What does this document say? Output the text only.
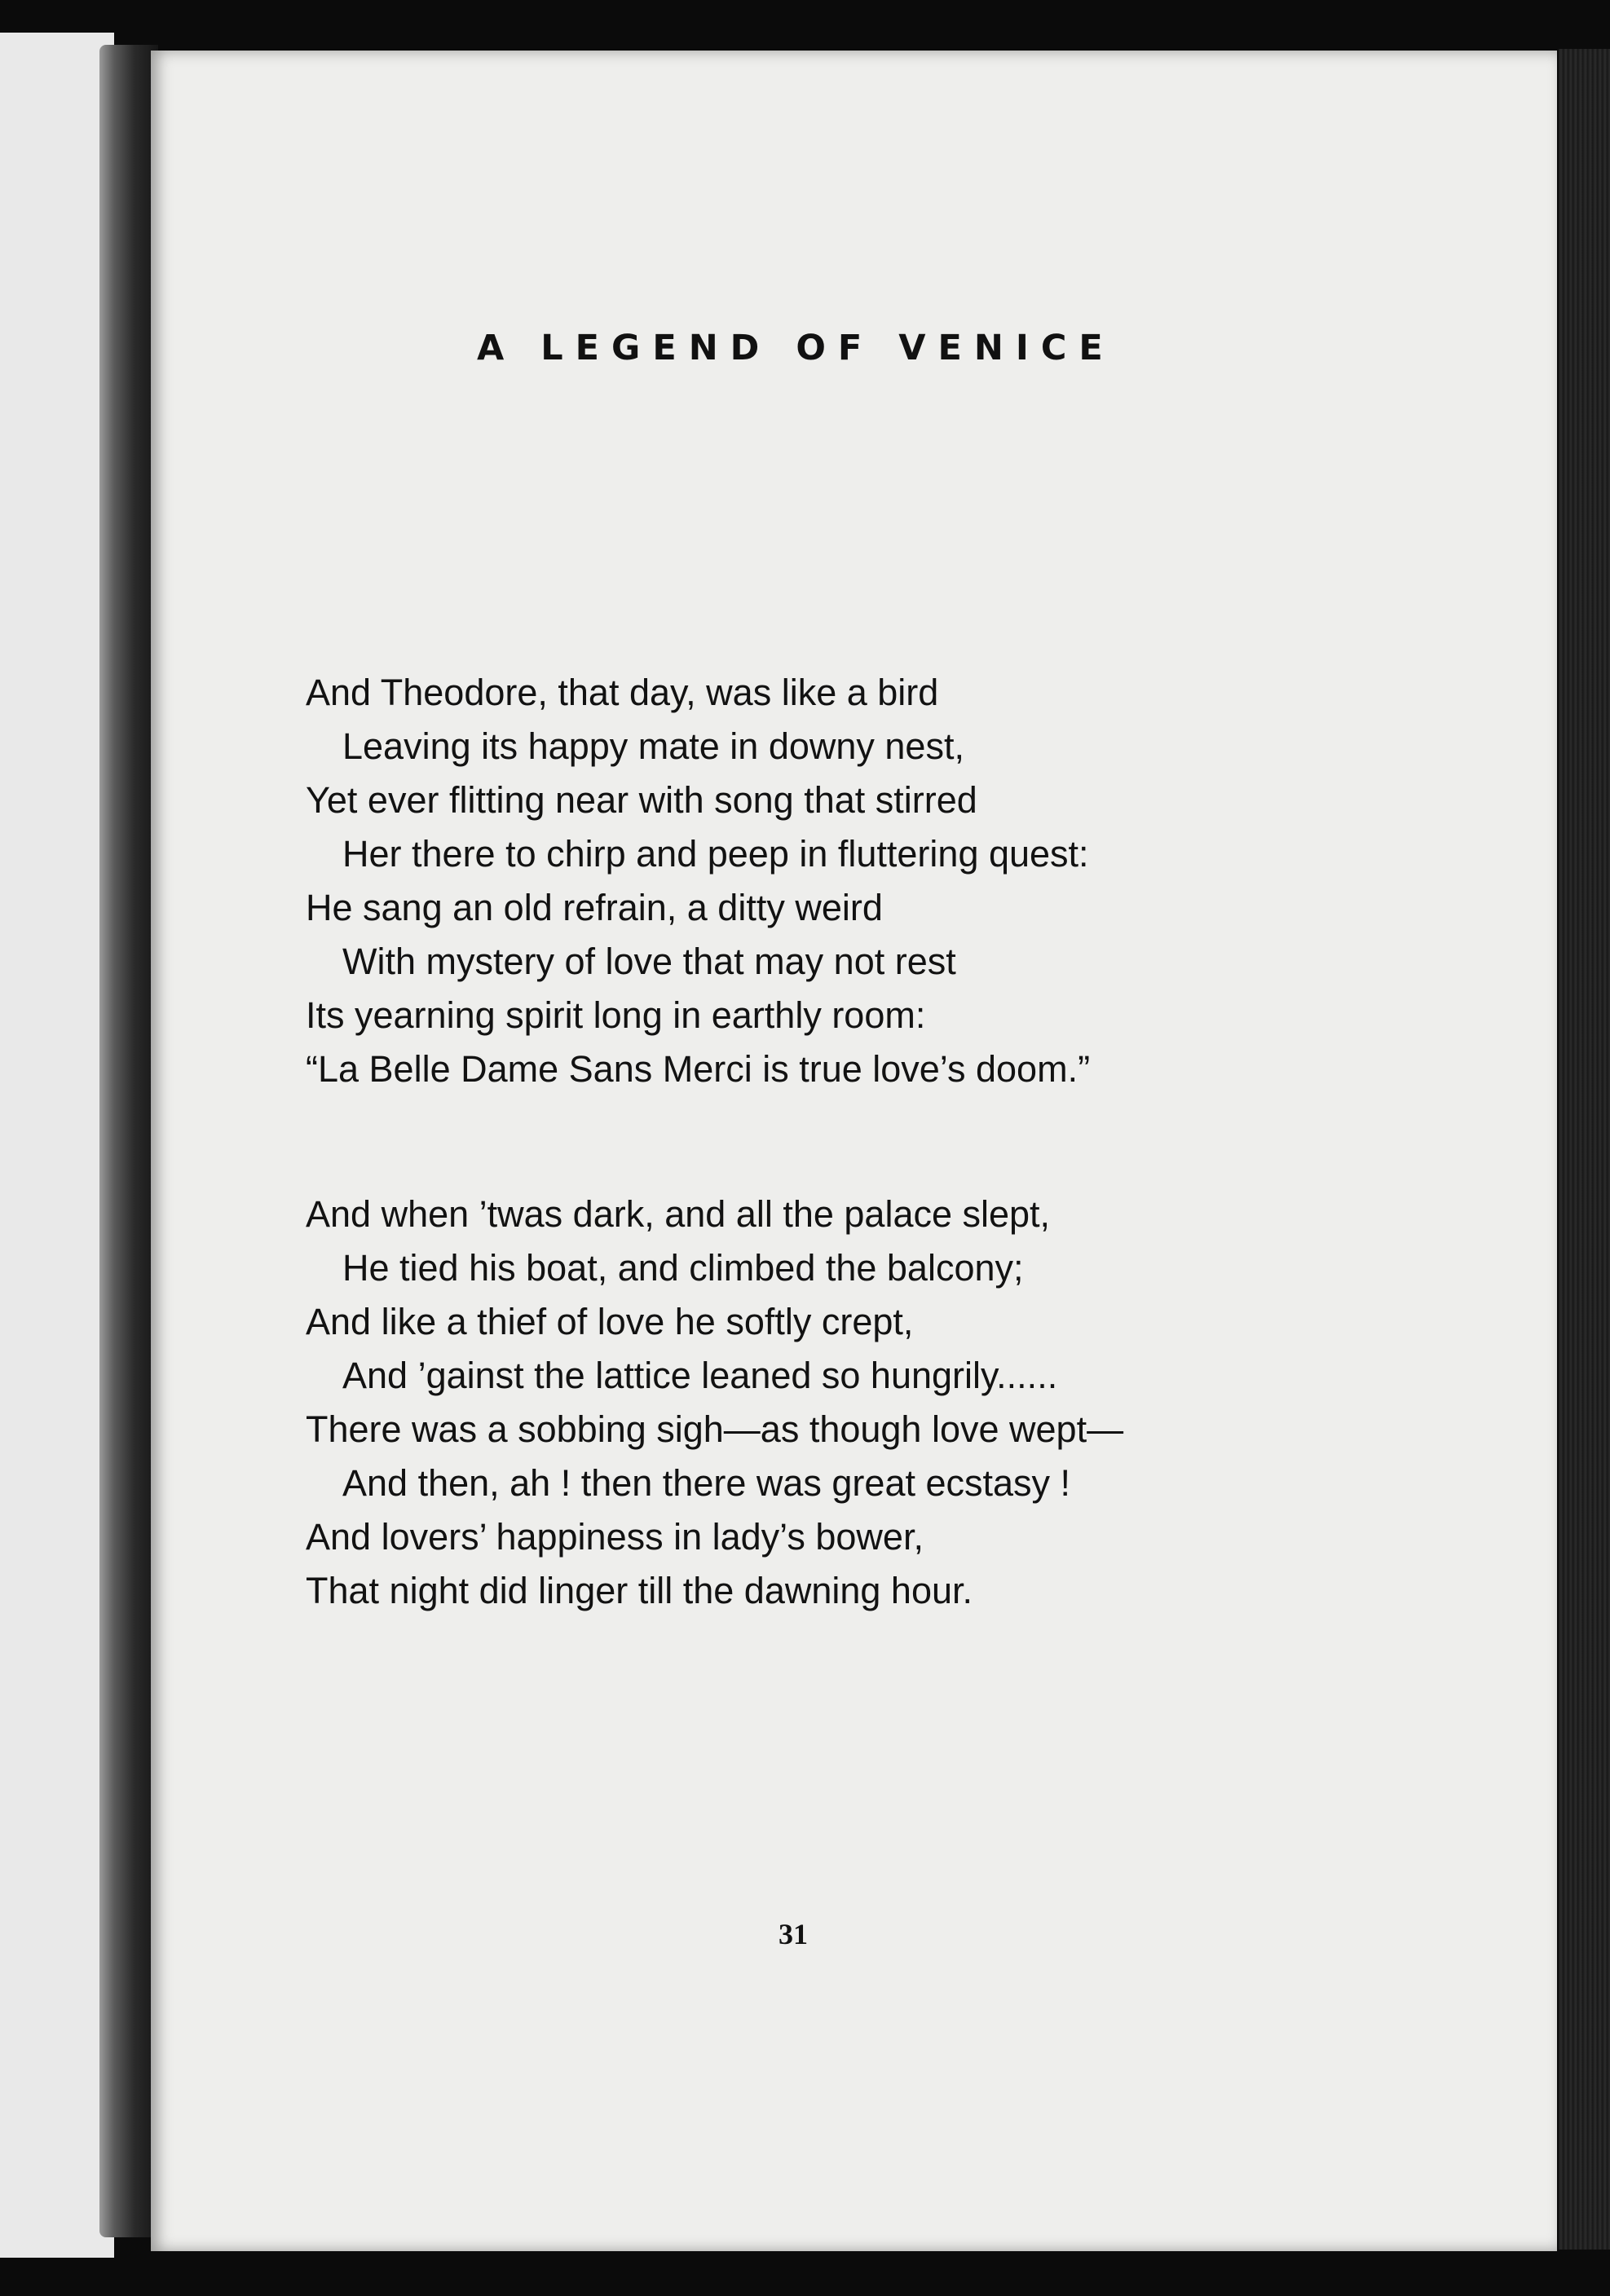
A LEGEND OF VENICE
And Theodore, that day, was like a bird
Leaving its happy mate in downy nest,
Yet ever flitting near with song that stirred
Her there to chirp and peep in fluttering quest:
He sang an old refrain, a ditty weird
With mystery of love that may not rest
Its yearning spirit long in earthly room:
“La Belle Dame Sans Merci is true love’s doom.”
And when ’twas dark, and all the palace slept,
He tied his boat, and climbed the balcony;
And like a thief of love he softly crept,
And ’gainst the lattice leaned so hungrily......
There was a sobbing sigh—as though love wept—
And then, ah ! then there was great ecstasy !
And lovers’ happiness in lady’s bower,
That night did linger till the dawning hour.

31
